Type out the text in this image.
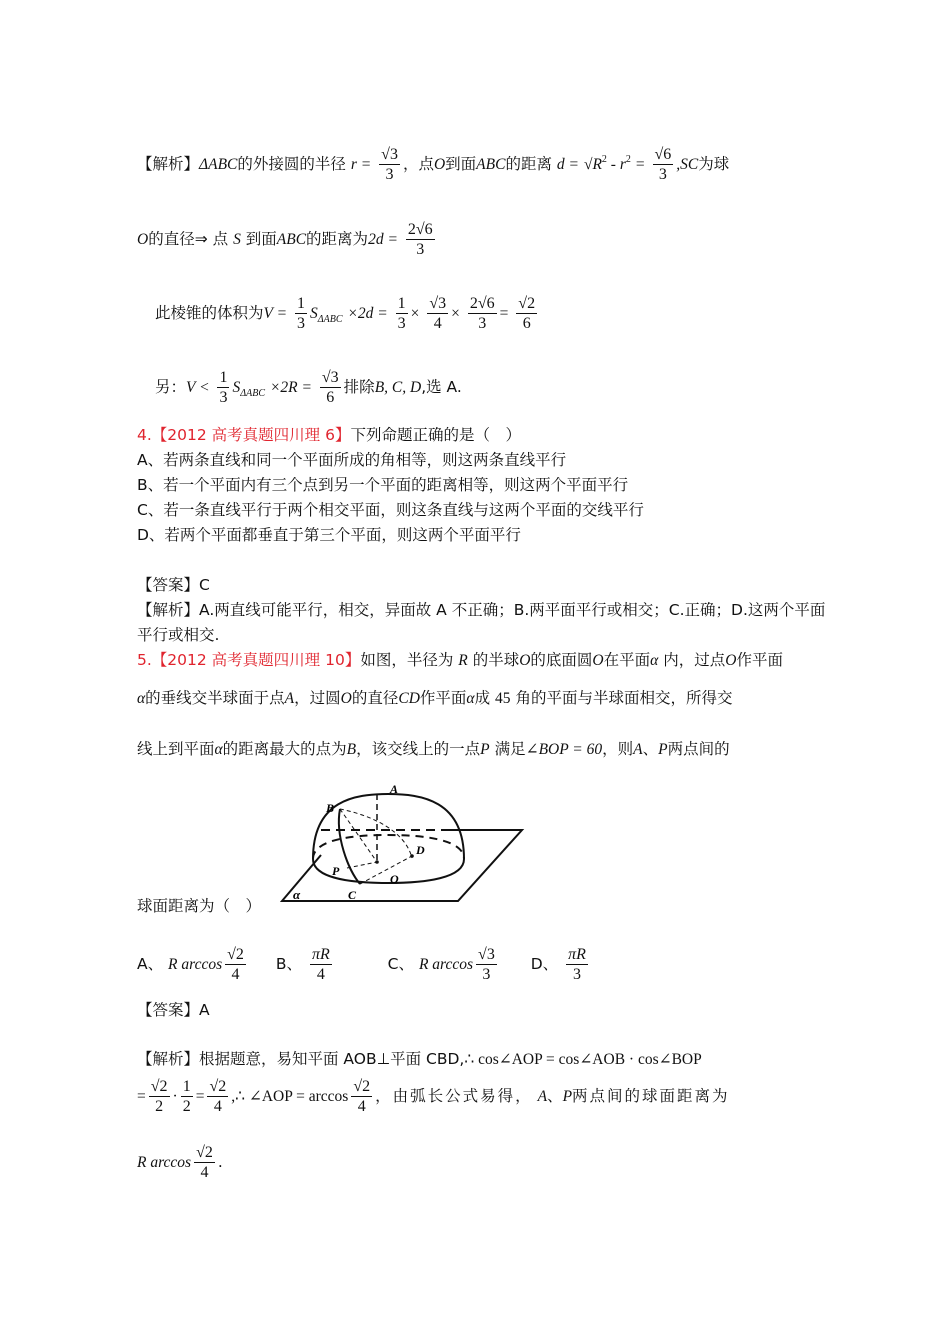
【解析】ΔABC的外接圆的半径 $r = \frac{√3}{3}$ ，点O到面ABC的距离 $d = √R^2 - r^2 = \frac{√6}{3} ,SC$为球
O的直径⇒ 点 S 到面ABC的距离为$2d = \frac{2√6}{3}$
此棱锥的体积为$V = \frac{1}{3} S_{\Delta ABC} \times 2d = \frac{1}{3} \times \frac{√3}{4} \times \frac{2√6}{3} = \frac{√2}{6}$
另：$V < \frac{1}{3} S_{\Delta ABC} \times 2R = \frac{√3}{6}$ 排除B, C, D,选 A.
4.【2012 高考真题四川理 6】下列命题正确的是（　）
A、若两条直线和同一个平面所成的角相等，则这两条直线平行
B、若一个平面内有三个点到另一个平面的距离相等，则这两个平面平行
C、若一条直线平行于两个相交平面，则这条直线与这两个平面的交线平行
D、若两个平面都垂直于第三个平面，则这两个平面平行
【答案】C
【解析】A.两直线可能平行，相交，异面故 A 不正确；B.两平面平行或相交；C.正确；D.这两个平面
平行或相交.
5.【2012 高考真题四川理 10】如图，半径为 R 的半球O的底面圆O在平面α 内，过点O作平面
α的垂线交半球面于点A，过圆O的直径CD作平面α成 45 角的平面与半球面相交，所得交
线上到平面α的距离最大的点为B，该交线上的一点P 满足∠BOP = 60，则A、P两点间的
A
B
D
P
O
C
α
球面距离为（　）
A、 R $\arccos \frac{√2}{4}$ B、 $\frac{\pi R}{4}$	C、 R $\arccos \frac{√3}{3}$ D、 $\frac{\pi R}{3}$
【答案】A
【解析】根据题意，易知平面 AOB⊥平面 CBD,∴ cos∠AOP = cos∠AOB · cos∠BOP
= $\frac{√2}{2} \cdot \frac{1}{2} = \frac{√2}{4}$ ,∴ ∠AOP = $\arccos \frac{√2}{4}$ ，由弧长公式易得， A、P两点间的球面距离为
R $\arccos \frac{√2}{4}$ .
